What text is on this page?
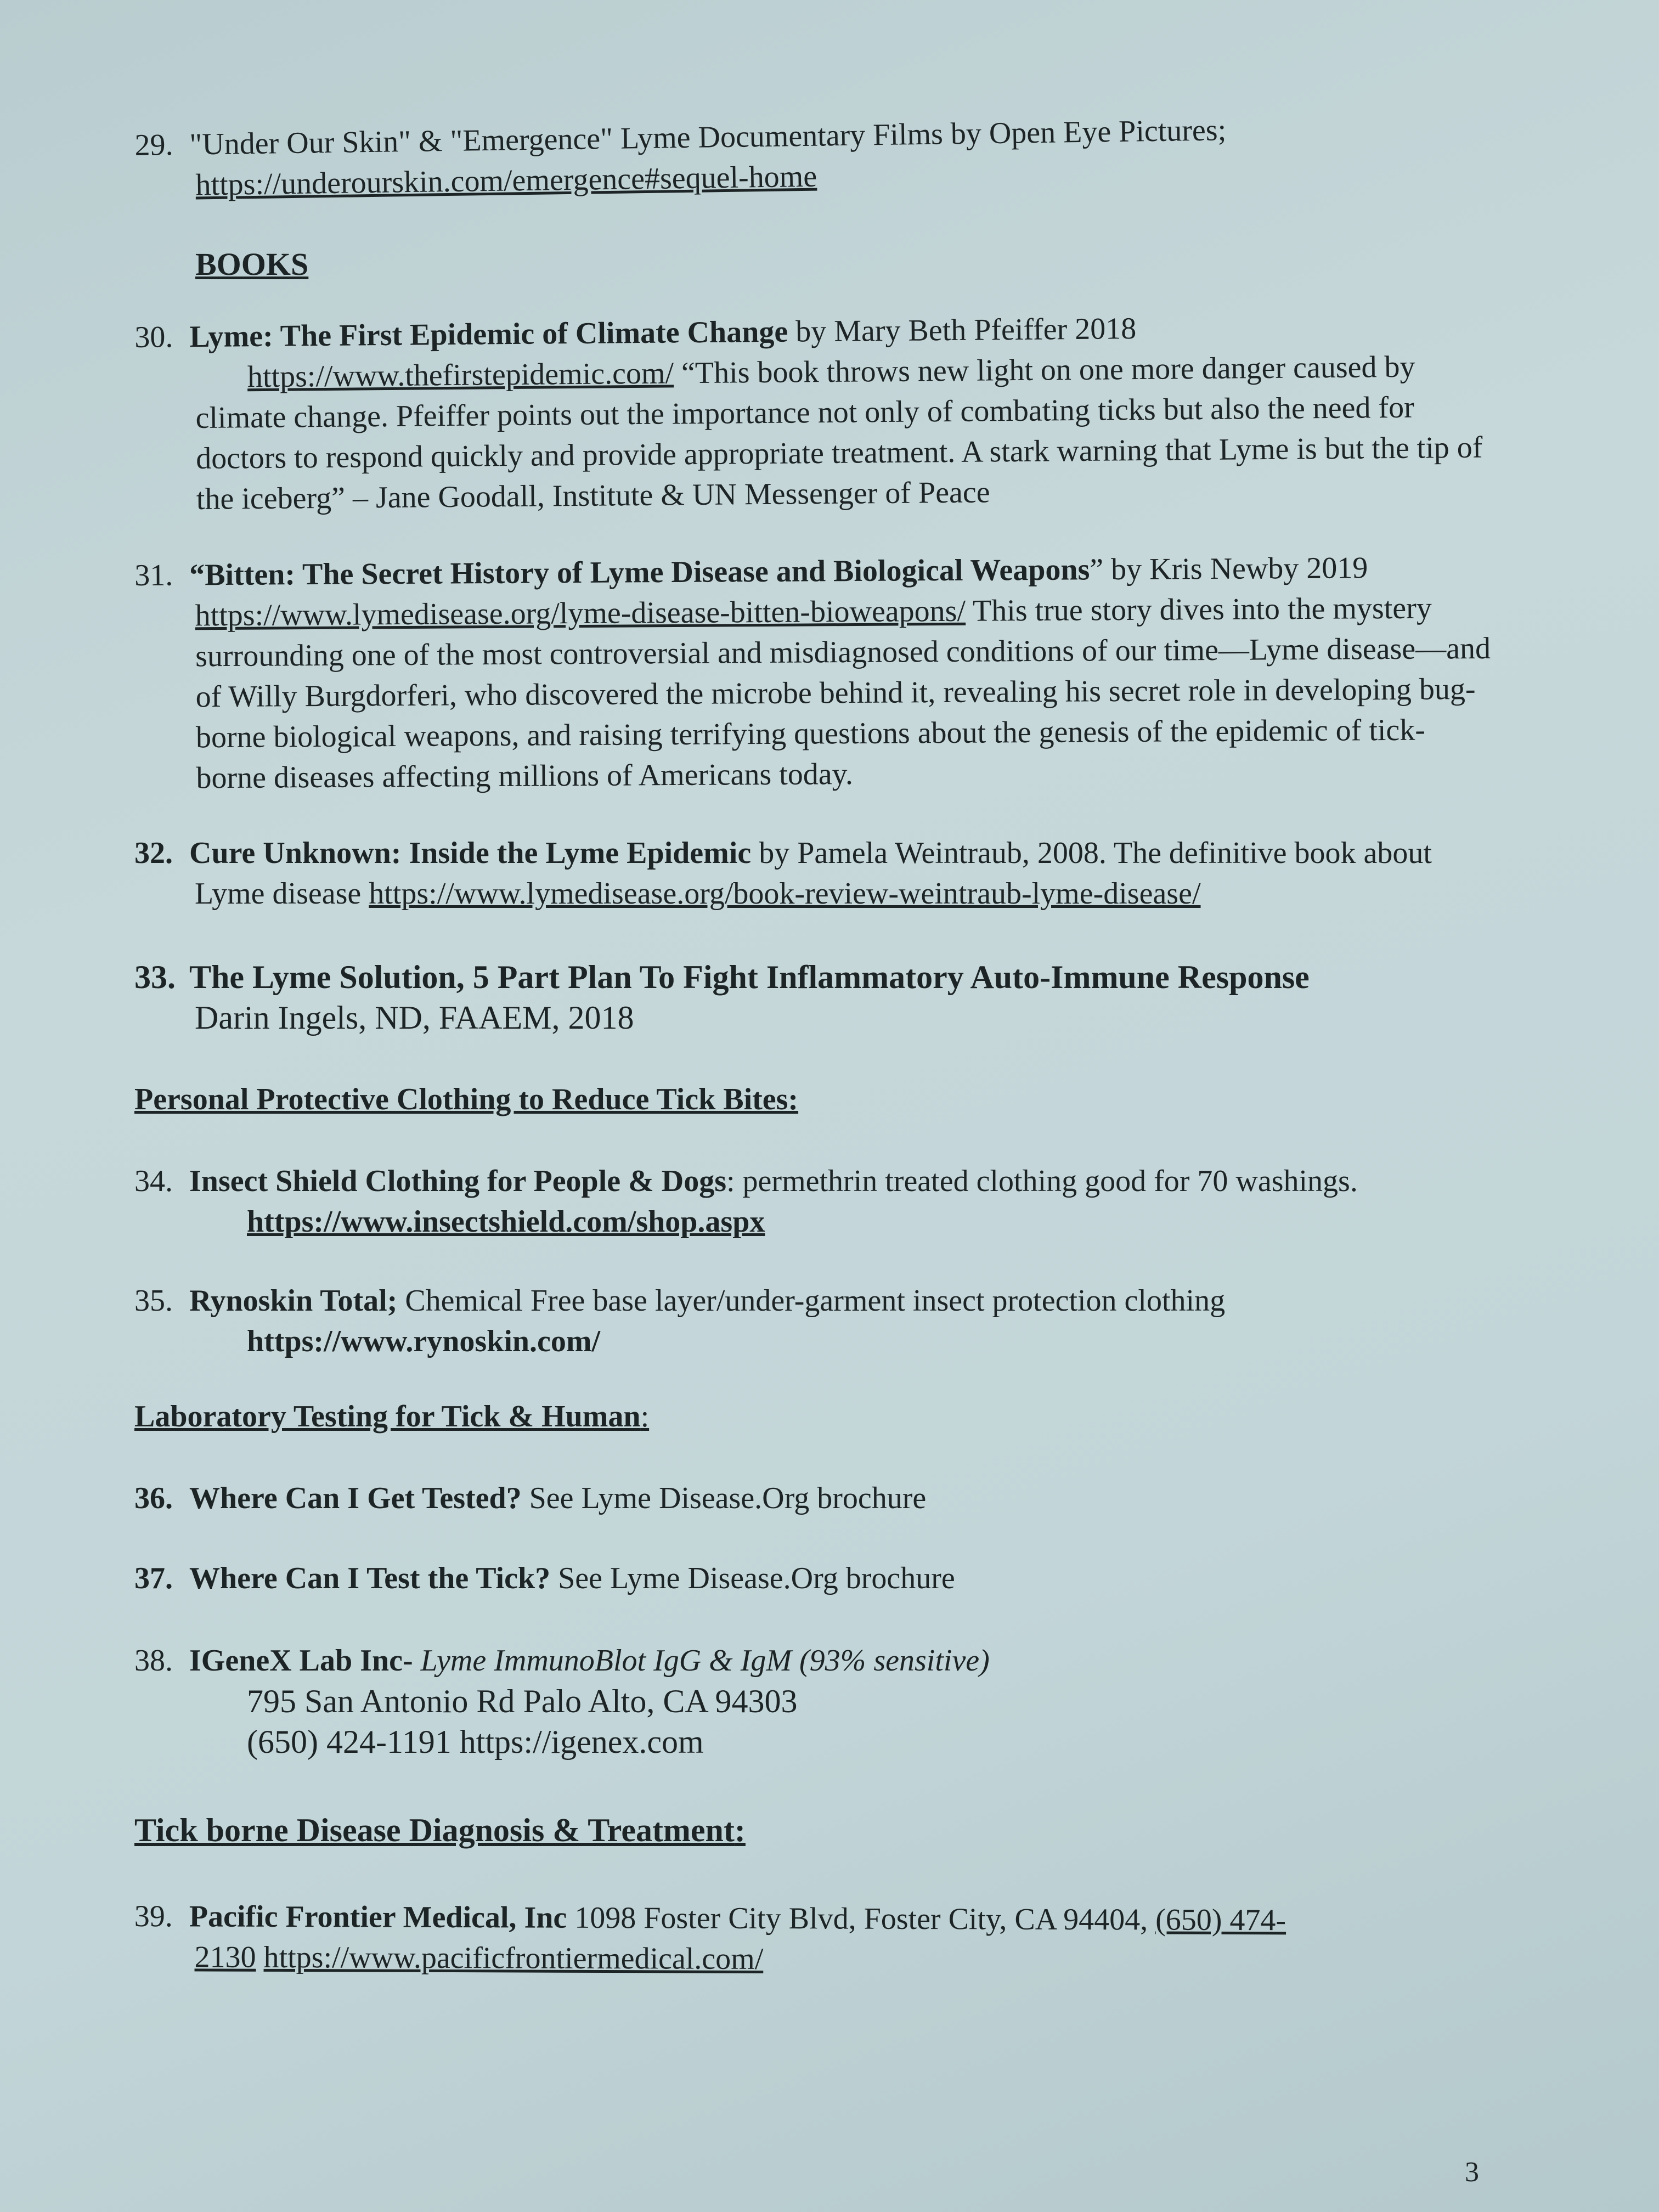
29. "Under Our Skin" & "Emergence" Lyme Documentary Films by Open Eye Pictures;
https://underourskin.com/emergence#sequel-home
BOOKS
30. Lyme: The First Epidemic of Climate Change by Mary Beth Pfeiffer 2018
https://www.thefirstepidemic.com/ “This book throws new light on one more danger caused by
climate change. Pfeiffer points out the importance not only of combating ticks but also the need for
doctors to respond quickly and provide appropriate treatment. A stark warning that Lyme is but the tip of
the iceberg” – Jane Goodall, Institute & UN Messenger of Peace
31. “Bitten: The Secret History of Lyme Disease and Biological Weapons” by Kris Newby 2019
https://www.lymedisease.org/lyme-disease-bitten-bioweapons/ This true story dives into the mystery
surrounding one of the most controversial and misdiagnosed conditions of our time—Lyme disease—and
of Willy Burgdorferi, who discovered the microbe behind it, revealing his secret role in developing bug-
borne biological weapons, and raising terrifying questions about the genesis of the epidemic of tick-
borne diseases affecting millions of Americans today.
32. Cure Unknown: Inside the Lyme Epidemic by Pamela Weintraub, 2008. The definitive book about
Lyme disease https://www.lymedisease.org/book-review-weintraub-lyme-disease/
33. The Lyme Solution, 5 Part Plan To Fight Inflammatory Auto-Immune Response
Darin Ingels, ND, FAAEM, 2018
Personal Protective Clothing to Reduce Tick Bites:
34. Insect Shield Clothing for People & Dogs: permethrin treated clothing good for 70 washings.
https://www.insectshield.com/shop.aspx
35. Rynoskin Total; Chemical Free base layer/under-garment insect protection clothing
https://www.rynoskin.com/
Laboratory Testing for Tick & Human:
36. Where Can I Get Tested? See Lyme Disease.Org brochure
37. Where Can I Test the Tick? See Lyme Disease.Org brochure
38. IGeneX Lab Inc- Lyme ImmunoBlot IgG & IgM (93% sensitive)
795 San Antonio Rd Palo Alto, CA 94303
(650) 424-1191 https://igenex.com
Tick borne Disease Diagnosis & Treatment:
39. Pacific Frontier Medical, Inc 1098 Foster City Blvd, Foster City, CA 94404, (650) 474-
2130 https://www.pacificfrontiermedical.com/
3
